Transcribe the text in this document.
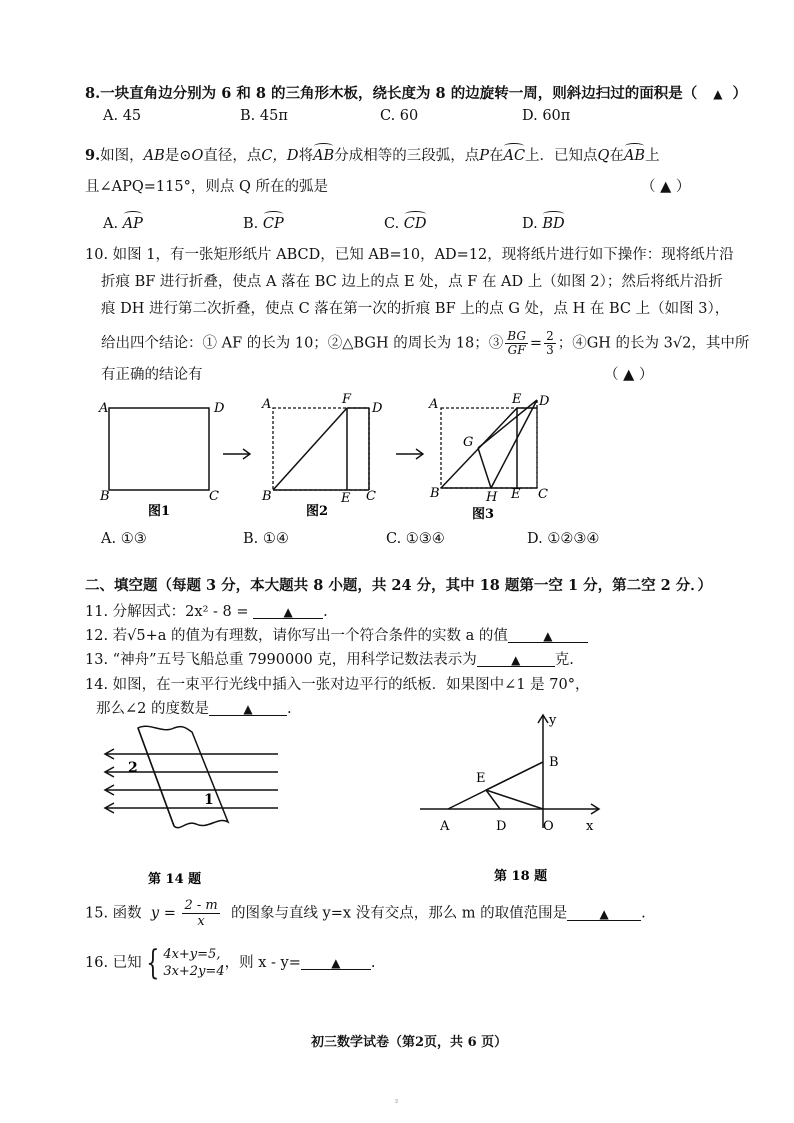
8.一块直角边分别为 6 和 8 的三角形木板，绕长度为 8 的边旋转一周，则斜边扫过的面积是（ ▲ ）
A. 45	B. 45π	C. 60	D. 60π
9.如图，AB是⊙O直径，点C，D将AB分成相等的三段弧，点P在AC上．已知点Q在AB上
且∠APQ=115°，则点 Q 所在的弧是	（ ▲ ）
A. AP	B. CP	C. CD	D. BD
10. 如图 1，有一张矩形纸片 ABCD，已知 AB=10，AD=12，现将纸片进行如下操作：现将纸片沿
折痕 BF 进行折叠，使点 A 落在 BC 边上的点 E 处，点 F 在 AD 上（如图 2）；然后将纸片沿折
痕 DH 进行第二次折叠，使点 C 落在第一次的折痕 BF 上的点 G 处，点 H 在 BC 上（如图 3），
给出四个结论：① AF 的长为 10；②△BGH 的周长为 18；③ $\frac{BG}{GF} = \frac{2}{3}$ ；④GH 的长为 3√2，其中所
有正确的结论有	（ ▲ ）
A	D
B	C
图1
A	F
D
B	E C
图2
A	E D
G
B	H E C
图3
A. ①③	B. ①④	C. ①③④	D. ①②③④
二、填空题（每题 3 分，本大题共 8 小题，共 24 分，其中 18 题第一空 1 分，第二空 2 分．）
11. 分解因式：2x² - 8 =	▲ .
12. 若√5+a 的值为有理数，请你写出一个符合条件的实数 a 的值	▲
13. “神舟”五号飞船总重 7990000 克，用科学记数法表示为	▲ 克.
14. 如图，在一束平行光线中插入一张对边平行的纸板．如果图中∠1 是 70°，
那么∠2 的度数是	▲ .
2
1
第 14 题
y
x
B
E
A	D	O
第 18 题
15. 函数 $y = \frac{2 - m}{x}$ 的图象与直线 y=x 没有交点，那么 m 的取值范围是	▲ .
16. 已知 { 4x+y=5,
3x+2y=4
，则 x - y=	▲ .
初三数学试卷（第2页，共 6 页）
²
